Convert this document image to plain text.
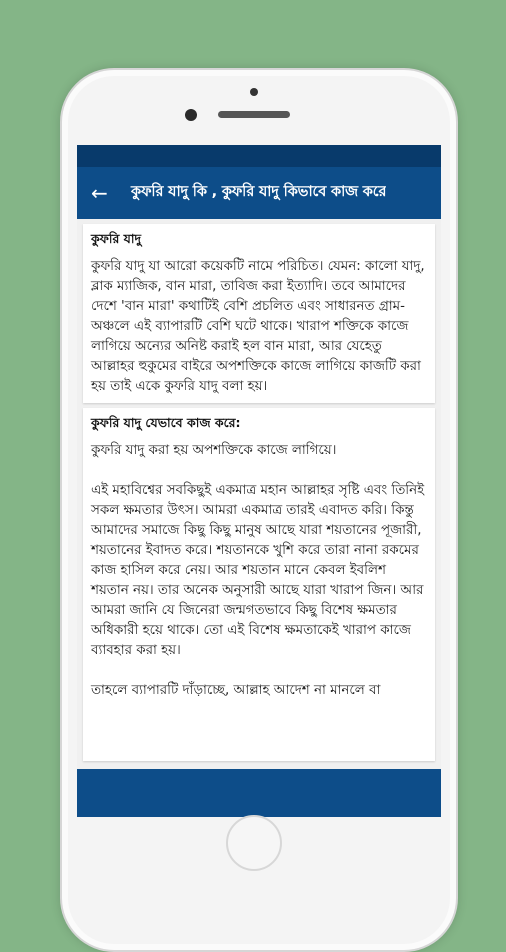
←	কুফরি যাদু কি , কুফরি যাদু কিভাবে কাজ করে
কুফরি যাদু

কুফরি যাদু যা আরো কয়েকটি নামে পরিচিত। যেমন: কালো যাদু, ব্লাক ম্যাজিক, বান মারা, তাবিজ করা ইত্যাদি। তবে আমাদের দেশে 'বান মারা' কথাটিই বেশি প্রচলিত এবং সাধারনত গ্রাম-অঞ্চলে এই ব্যাপারটি বেশি ঘটে থাকে। খারাপ শক্তিকে কাজে লাগিয়ে অন্যের অনিষ্ট করাই হল বান মারা, আর যেহেতু আল্লাহর হুকুমের বাইরে অপশক্তিকে কাজে লাগিয়ে কাজটি করা হয় তাই একে কুফরি যাদু বলা হয়।

কুফরি যাদু যেভাবে কাজ করে:

কুফরি যাদু করা হয় অপশক্তিকে কাজে লাগিয়ে।

এই মহাবিশ্বের সবকিছুই একমাত্র মহান আল্লাহর সৃষ্টি এবং তিনিই সকল ক্ষমতার উৎস। আমরা একমাত্র তারই এবাদত করি। কিন্তু আমাদের সমাজে কিছু কিছু মানুষ আছে যারা শয়তানের পূজারী, শয়তানের ইবাদত করে। শয়তানকে খুশি করে তারা নানা রকমের কাজ হাসিল করে নেয়। আর শয়তান মানে কেবল ইবলিশ শয়তান নয়। তার অনেক অনুসারী আছে যারা খারাপ জিন। আর আমরা জানি যে জিনেরা জন্মগতভাবে কিছু বিশেষ ক্ষমতার অধিকারী হয়ে থাকে। তো এই বিশেষ ক্ষমতাকেই খারাপ কাজে ব্যাবহার করা হয়।

তাহলে ব্যাপারটি দাঁড়াচ্ছে, আল্লাহ আদেশ না মানলে বা
